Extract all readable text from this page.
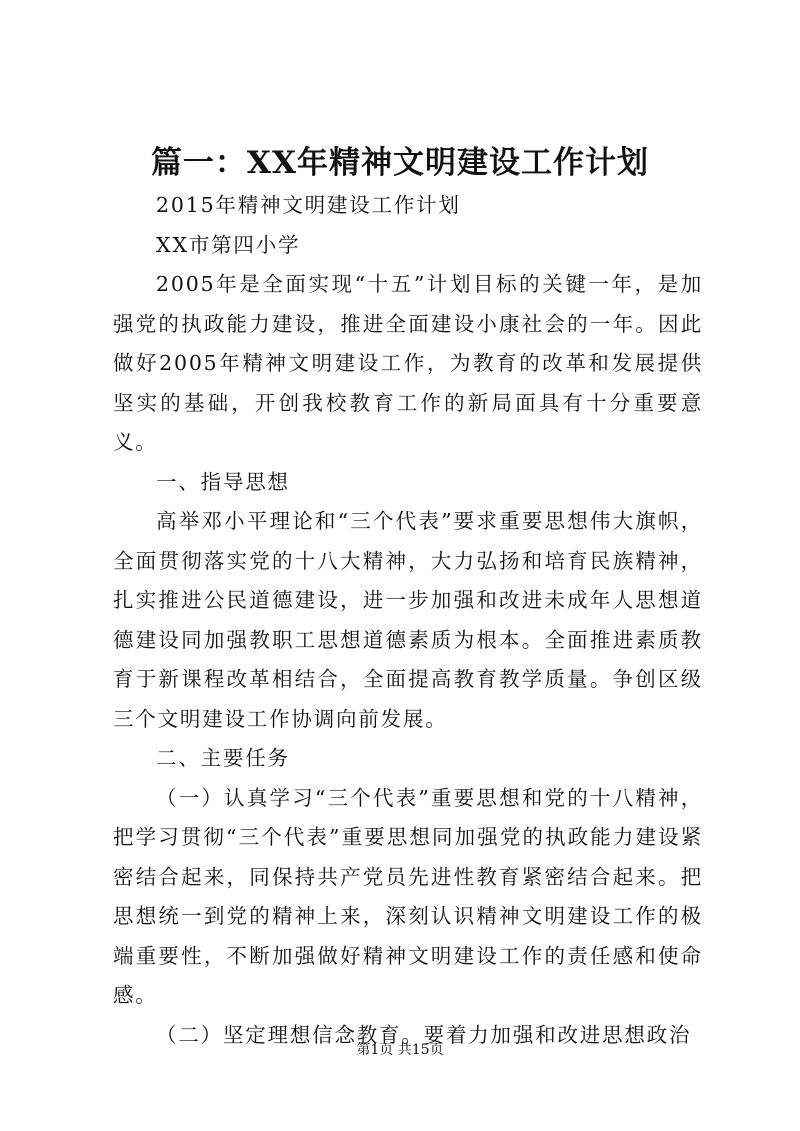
篇一：XX年精神文明建设工作计划

2015年精神文明建设工作计划

XX市第四小学

2005年是全面实现“十五”计划目标的关键一年，是加强党的执政能力建设，推进全面建设小康社会的一年。因此做好2005年精神文明建设工作，为教育的改革和发展提供坚实的基础，开创我校教育工作的新局面具有十分重要意义。

一、指导思想

高举邓小平理论和“三个代表”要求重要思想伟大旗帜，全面贯彻落实党的十八大精神，大力弘扬和培育民族精神，扎实推进公民道德建设，进一步加强和改进未成年人思想道德建设同加强教职工思想道德素质为根本。全面推进素质教育于新课程改革相结合，全面提高教育教学质量。争创区级三个文明建设工作协调向前发展。

二、主要任务

（一）认真学习“三个代表”重要思想和党的十八精神，把学习贯彻“三个代表”重要思想同加强党的执政能力建设紧密结合起来，同保持共产党员先进性教育紧密结合起来。把思想统一到党的精神上来，深刻认识精神文明建设工作的极端重要性，不断加强做好精神文明建设工作的责任感和使命感。

（二）坚定理想信念教育。要着力加强和改进思想政治

第1页 共15页
